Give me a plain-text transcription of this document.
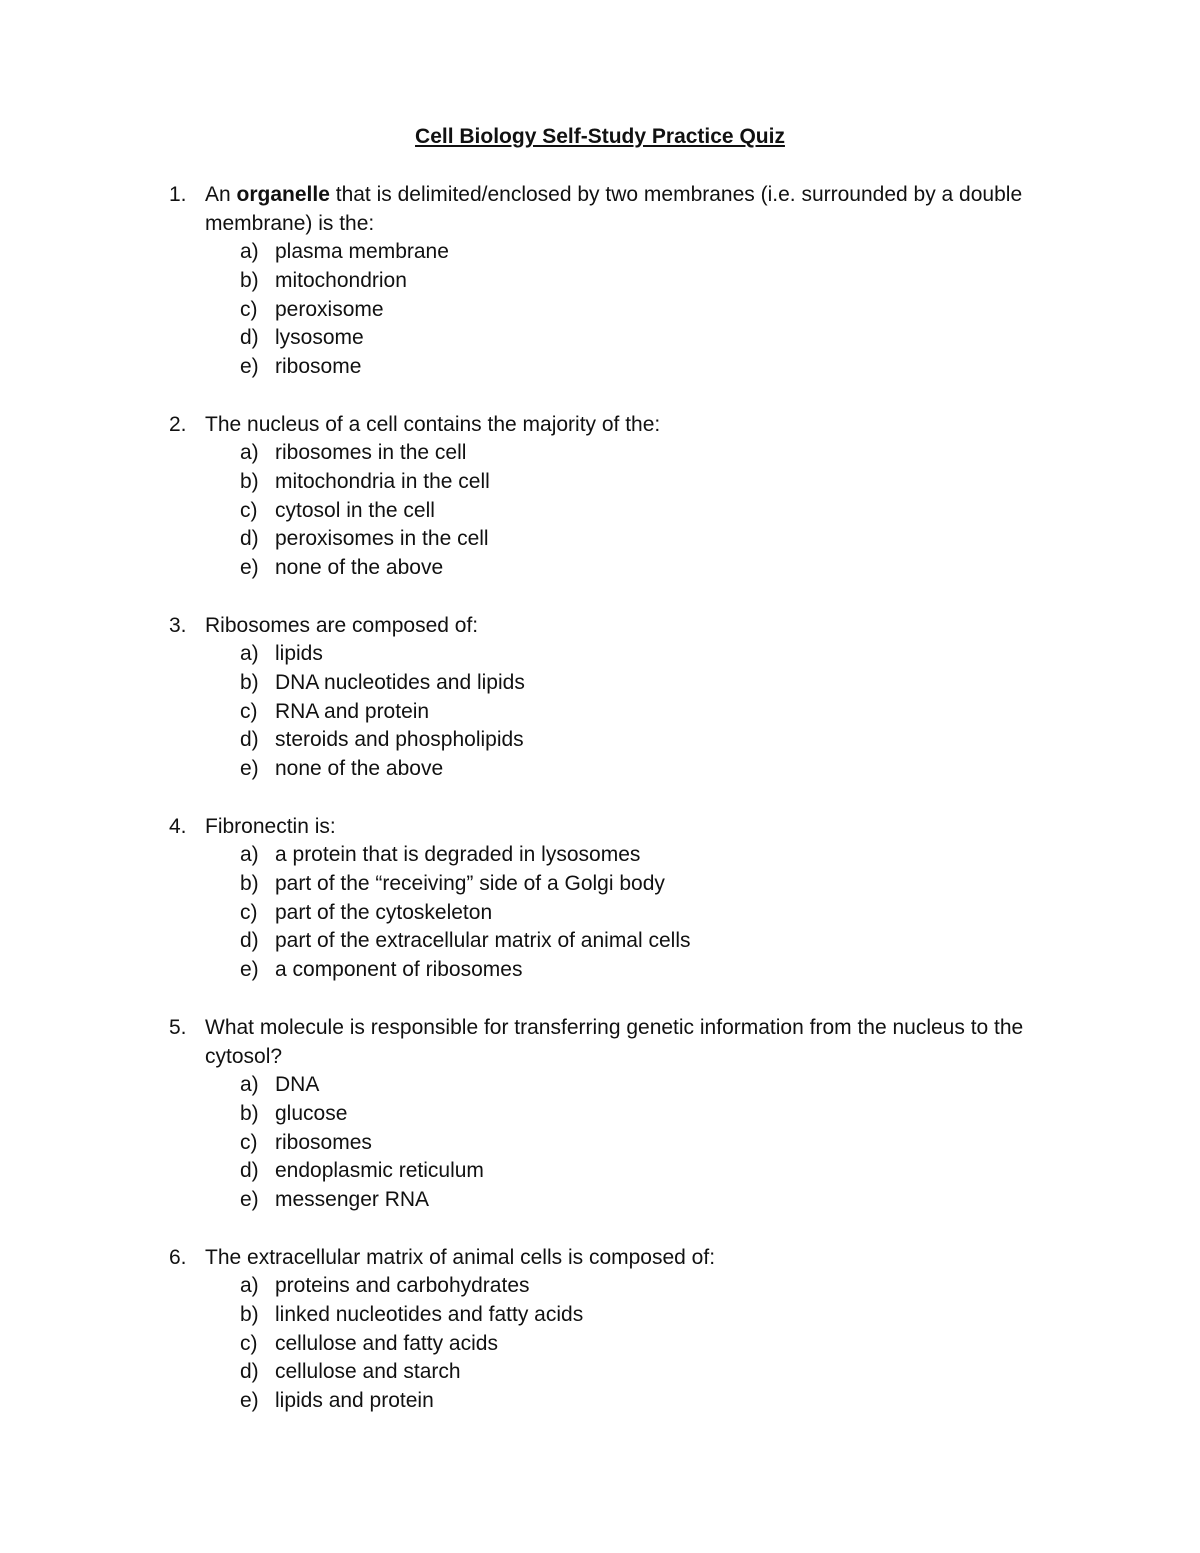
Cell Biology Self-Study Practice Quiz
1. An organelle that is delimited/enclosed by two membranes (i.e. surrounded by a double membrane) is the:
a) plasma membrane
b) mitochondrion
c) peroxisome
d) lysosome
e) ribosome
2. The nucleus of a cell contains the majority of the:
a) ribosomes in the cell
b) mitochondria in the cell
c) cytosol in the cell
d) peroxisomes in the cell
e) none of the above
3. Ribosomes are composed of:
a) lipids
b) DNA nucleotides and lipids
c) RNA and protein
d) steroids and phospholipids
e) none of the above
4. Fibronectin is:
a) a protein that is degraded in lysosomes
b) part of the “receiving” side of a Golgi body
c) part of the cytoskeleton
d) part of the extracellular matrix of animal cells
e) a component of ribosomes
5. What molecule is responsible for transferring genetic information from the nucleus to the cytosol?
a) DNA
b) glucose
c) ribosomes
d) endoplasmic reticulum
e) messenger RNA
6. The extracellular matrix of animal cells is composed of:
a) proteins and carbohydrates
b) linked nucleotides and fatty acids
c) cellulose and fatty acids
d) cellulose and starch
e) lipids and protein
